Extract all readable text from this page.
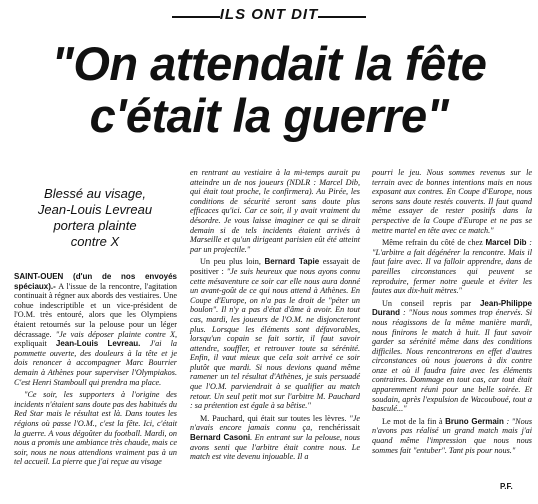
ILS ONT DIT
"On attendait la fête
c'était la guerre"
Blessé au visage,
Jean-Louis Levreau
portera plainte
contre X

SAINT-OUEN (d'un de nos envoyés spéciaux).- A l'issue de la rencontre, l'agitation continuait à régner aux abords des vestiaires. Une cohue indescriptible et un vice-président de l'O.M. très entouré, alors que les Olympiens étaient retournés sur la pelouse pour un léger décrassage. "Je vais déposer plainte contre X, expliquait Jean-Louis Levreau. J'ai la pommette ouverte, des douleurs à la tête et je dois renoncer à accompagner Marc Bourrier demain à Athènes pour superviser l'Olympiakos. C'est Henri Stamboull qui prendra ma place.

"Ce soir, les supporters à l'origine des incidents n'étaient sans doute pas des habitués du Red Star mais le résultat est là. Dans toutes les régions où passe l'O.M., c'est la fête. Ici, c'était la guerre. A vous dégoûter du football. Mardi, on nous a promis une ambiance très chaude, mais ce soir, nous ne nous attendions vraiment pas à un tel accueil. La pierre que j'ai reçue au visage

en rentrant au vestiaire à la mi-temps aurait pu atteindre un de nos joueurs (NDLR : Marcel Dib, qui était tout proche, le confirmera). Au Pirée, les conditions de sécurité seront sans doute plus efficaces qu'ici. Car ce soir, il y avait vraiment du désordre. Je vous laisse imaginer ce qui se dirait demain si de tels incidents étaient arrivés à Marseille et qu'un dirigeant parisien eût été atteint par un projectile."

Un peu plus loin, Bernard Tapie essayait de positiver : "Je suis heureux que nous ayons connu cette mésaventure ce soir car elle nous aura donné un avant-goût de ce qui nous attend à Athènes. En Coupe d'Europe, on n'a pas le droit de "péter un boulon". Il n'y a pas d'état d'âme à avoir. En tout cas, mardi, les joueurs de l'O.M. ne disjoncteront plus. Lorsque les éléments sont défavorables, lorsqu'un copain se fait sortir, il faut savoir attendre, souffler, et retrouver toute sa sérénité. Enfin, il vaut mieux que cela soit arrivé ce soir plutôt que mardi. Si nous devions quand même ramener un tel résultat d'Athènes, je suis persuadé que l'O.M. parviendrait à se qualifier au match retour. Un seul petit mot sur l'arbitre M. Pauchard : sa prétention est égale à sa bêtise."

M. Pauchard, qui était sur toutes les lèvres. "Je n'avais encore jamais connu ça, renchérissait Bernard Casoni. En entrant sur la pelouse, nous avons senti que l'arbitre était contre nous. Le match est vite devenu injouable. Il a

pourri le jeu. Nous sommes revenus sur le terrain avec de bonnes intentions mais en nous exposant aux contres. En Coupe d'Europe, nous serons sans doute restés couverts. Il faut quand même essayer de rester positifs dans la perspective de la Coupe d'Europe et ne pas se mettre martel en tête avec ce match."

Même refrain du côté de chez Marcel Dib : "L'arbitre a fait dégénérer la rencontre. Mais il faut faire avec. Il va falloir apprendre, dans de pareilles circonstances qui peuvent se reproduire, fermer notre gueule et éviter les fautes aux dix-huit mètres."

Un conseil repris par Jean-Philippe Durand : "Nous nous sommes trop énervés. Si nous réagissons de la même manière mardi, nous finirons le match à huit. Il faut savoir garder sa sérénité même dans des conditions difficiles. Nous rencontrerons en effet d'autres circonstances où nous jouerons à dix contre onze et où il faudra faire avec les éléments contraires. Dommage en tout cas, car tout était apparemment réuni pour une belle soirée. Et soudain, après l'expulsion de Wacouboué, tout a basculé..."

Le mot de la fin à Bruno Germain : "Nous n'avons pas réalisé un grand match mais j'ai quand même l'impression que nous nous sommes fait "entuber". Tant pis pour nous."

P.F.
